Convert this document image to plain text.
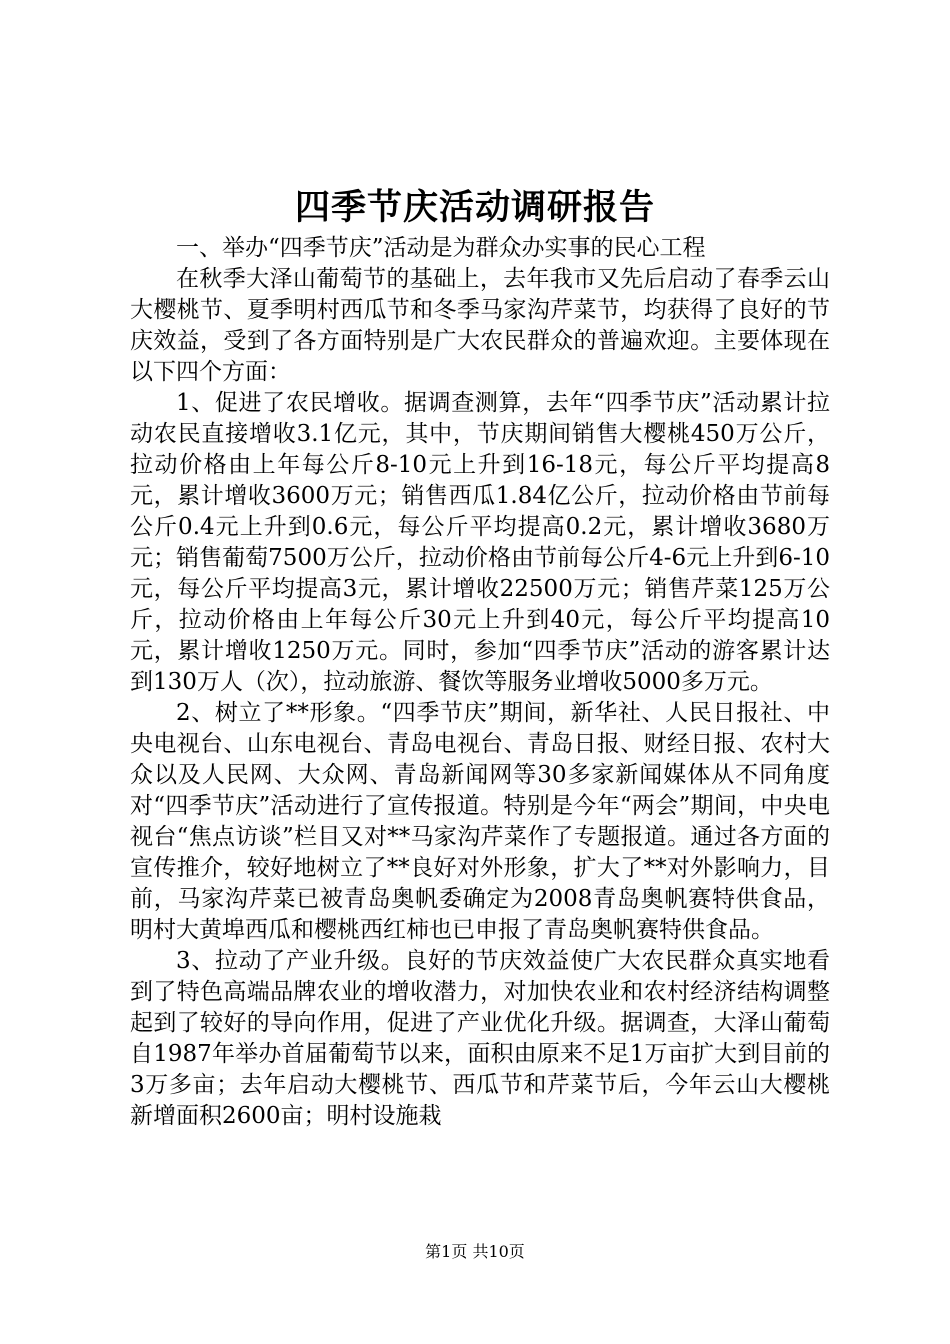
四季节庆活动调研报告

一、举办“四季节庆”活动是为群众办实事的民心工程

在秋季大泽山葡萄节的基础上，去年我市又先后启动了春季云山大樱桃节、夏季明村西瓜节和冬季马家沟芹菜节，均获得了良好的节庆效益，受到了各方面特别是广大农民群众的普遍欢迎。主要体现在以下四个方面：

1、促进了农民增收。据调查测算，去年“四季节庆”活动累计拉动农民直接增收3.1亿元，其中，节庆期间销售大樱桃450万公斤，拉动价格由上年每公斤8-10元上升到16-18元，每公斤平均提高8元，累计增收3600万元；销售西瓜1.84亿公斤，拉动价格由节前每公斤0.4元上升到0.6元，每公斤平均提高0.2元，累计增收3680万元；销售葡萄7500万公斤，拉动价格由节前每公斤4-6元上升到6-10元，每公斤平均提高3元，累计增收22500万元；销售芹菜125万公斤，拉动价格由上年每公斤30元上升到40元，每公斤平均提高10元，累计增收1250万元。同时，参加“四季节庆”活动的游客累计达到130万人（次），拉动旅游、餐饮等服务业增收5000多万元。

2、树立了**形象。“四季节庆”期间，新华社、人民日报社、中央电视台、山东电视台、青岛电视台、青岛日报、财经日报、农村大众以及人民网、大众网、青岛新闻网等30多家新闻媒体从不同角度对“四季节庆”活动进行了宣传报道。特别是今年“两会”期间，中央电视台“焦点访谈”栏目又对**马家沟芹菜作了专题报道。通过各方面的宣传推介，较好地树立了**良好对外形象，扩大了**对外影响力，目前，马家沟芹菜已被青岛奥帆委确定为2008青岛奥帆赛特供食品，明村大黄埠西瓜和樱桃西红柿也已申报了青岛奥帆赛特供食品。

3、拉动了产业升级。良好的节庆效益使广大农民群众真实地看到了特色高端品牌农业的增收潜力，对加快农业和农村经济结构调整起到了较好的导向作用，促进了产业优化升级。据调查，大泽山葡萄自1987年举办首届葡萄节以来，面积由原来不足1万亩扩大到目前的3万多亩；去年启动大樱桃节、西瓜节和芹菜节后，今年云山大樱桃新增面积2600亩；明村设施栽

第1页 共10页
